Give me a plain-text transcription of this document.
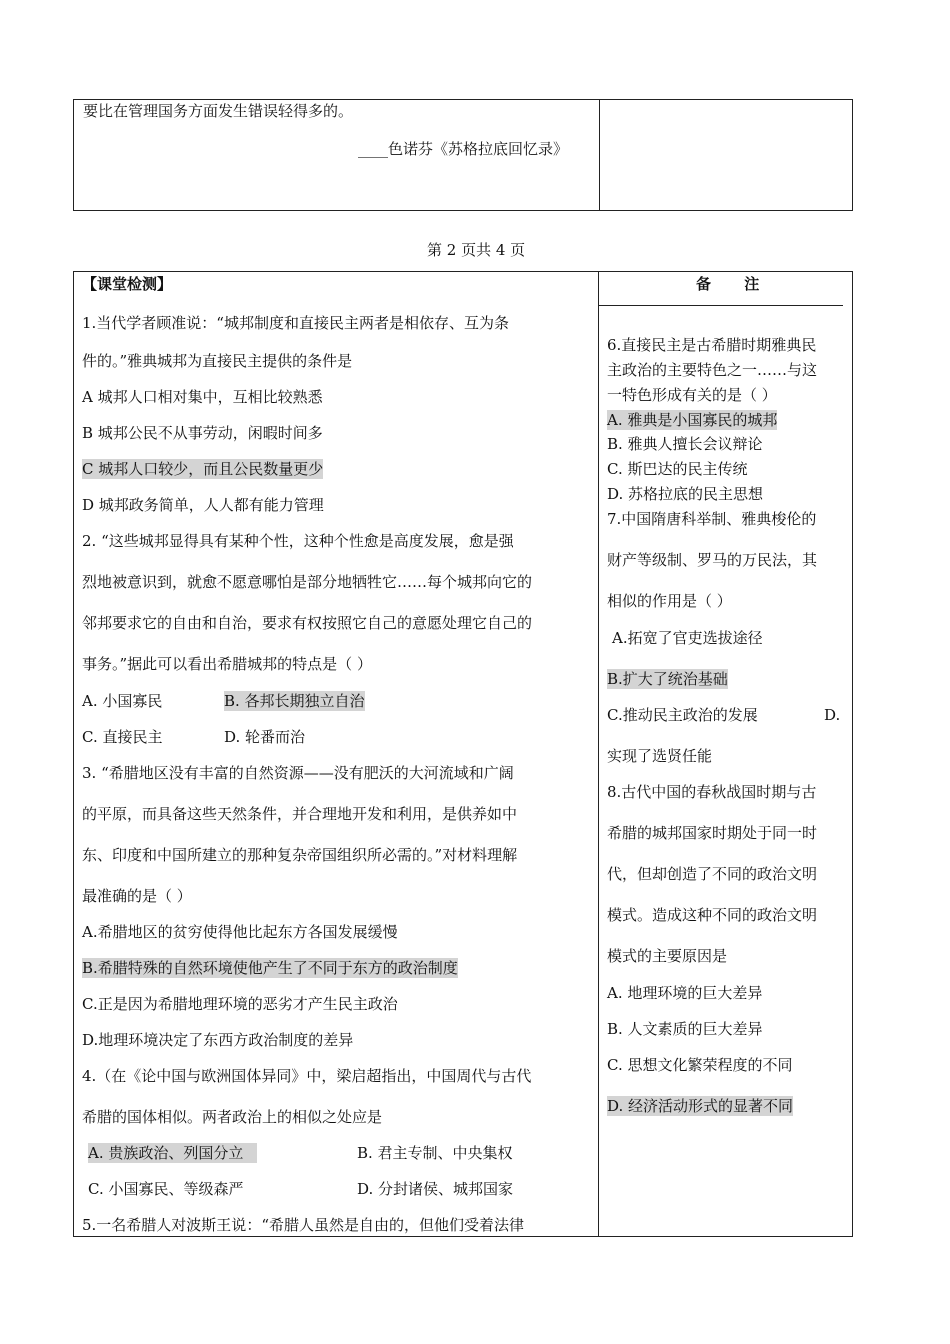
要比在管理国务方面发生错误轻得多的。
____色诺芬《苏格拉底回忆录》
第 2 页共 4 页
【课堂检测】	备 注
1.当代学者顾准说：“城邦制度和直接民主两者是相依存、互为条
件的。”雅典城邦为直接民主提供的条件是
A 城邦人口相对集中，互相比较熟悉
B 城邦公民不从事劳动，闲暇时间多
C 城邦人口较少，而且公民数量更少
D 城邦政务简单，人人都有能力管理
2. “这些城邦显得具有某种个性，这种个性愈是高度发展，愈是强
烈地被意识到，就愈不愿意哪怕是部分地牺牲它……每个城邦向它的
邻邦要求它的自由和自治，要求有权按照它自己的意愿处理它自己的
事务。”据此可以看出希腊城邦的特点是（ ）
A. 小国寡民	B. 各邦长期独立自治
C. 直接民主	D. 轮番而治
3. “希腊地区没有丰富的自然资源——没有肥沃的大河流域和广阔
的平原，而具备这些天然条件，并合理地开发和利用，是供养如中
东、印度和中国所建立的那种复杂帝国组织所必需的。”对材料理解
最准确的是（ ）
A.希腊地区的贫穷使得他比起东方各国发展缓慢
B.希腊特殊的自然环境使他产生了不同于东方的政治制度
C.正是因为希腊地理环境的恶劣才产生民主政治
D.地理环境决定了东西方政治制度的差异
4.（在《论中国与欧洲国体异同》中，梁启超指出，中国周代与古代
希腊的国体相似。两者政治上的相似之处应是
A. 贵族政治、列国分立	B. 君主专制、中央集权
C. 小国寡民、等级森严	D. 分封诸侯、城邦国家
5.一名希腊人对波斯王说：“希腊人虽然是自由的，但他们受着法律
6.直接民主是古希腊时期雅典民
主政治的主要特色之一……与这
一特色形成有关的是（ ）
A. 雅典是小国寡民的城邦
B. 雅典人擅长会议辩论
C. 斯巴达的民主传统
D. 苏格拉底的民主思想
7.中国隋唐科举制、雅典梭伦的
财产等级制、罗马的万民法，其
相似的作用是（ ）
A.拓宽了官吏选拔途径
B.扩大了统治基础
C.推动民主政治的发展	D.
实现了选贤任能
8.古代中国的春秋战国时期与古
希腊的城邦国家时期处于同一时
代，但却创造了不同的政治文明
模式。造成这种不同的政治文明
模式的主要原因是
A. 地理环境的巨大差异
B. 人文素质的巨大差异
C. 思想文化繁荣程度的不同
D. 经济活动形式的显著不同
